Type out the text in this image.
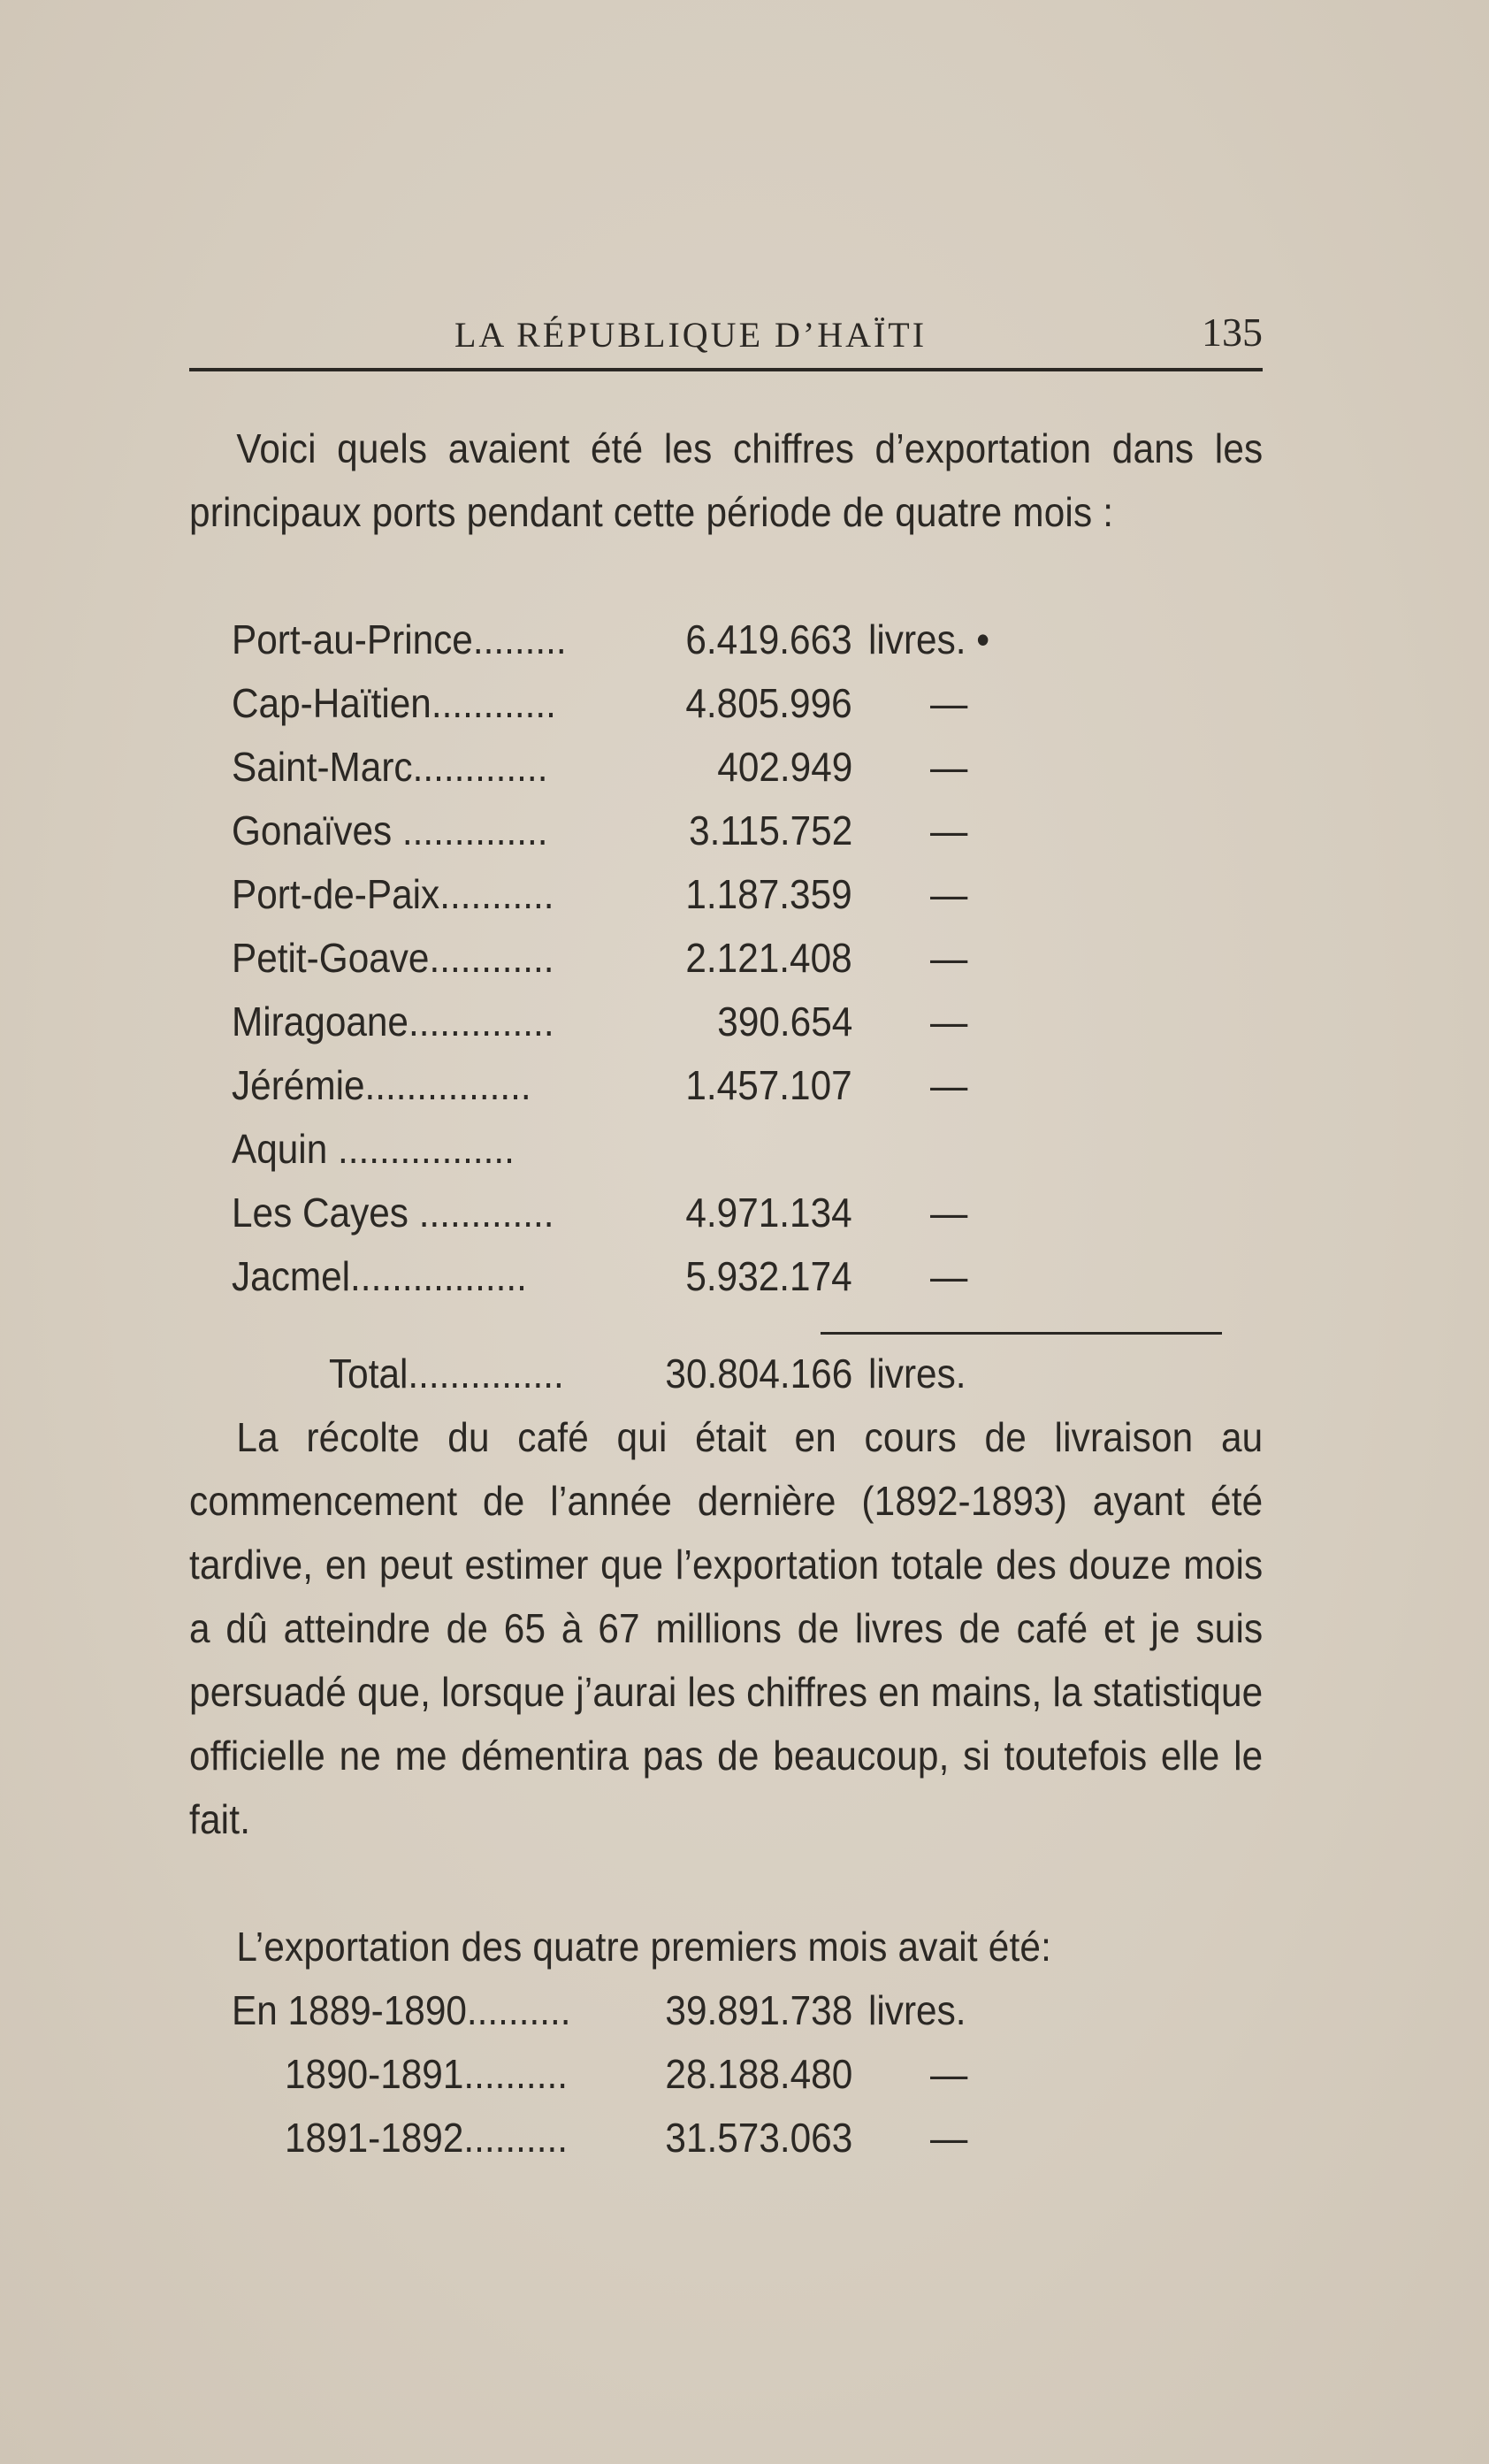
LA RÉPUBLIQUE D’HAÏTI	135
Voici quels avaient été les chiffres d’exportation dans les principaux ports pendant cette période de quatre mois :
Port-au-Prince.........	6.419.663 livres. •
Cap-Haïtien............	4.805.996 —
Saint-Marc.............	402.949 —
Gonaïves ..............	3.115.752 —
Port-de-Paix...........	1.187.359 —
Petit-Goave............	2.121.408 —
Miragoane..............	390.654 —
Jérémie................	1.457.107 —
Aquin .................
Les Cayes .............	4.971.134 —
Jacmel.................	5.932.174 —
Total............... 30.804.166 livres.
La récolte du café qui était en cours de livraison au commencement de l’année dernière (1892-1893) ayant été tardive, en peut estimer que l’exportation totale des douze mois a dû atteindre de 65 à 67 millions de livres de café et je suis persuadé que, lorsque j’aurai les chiffres en mains, la statistique officielle ne me démentira pas de beaucoup, si toutefois elle le fait.
L’exportation des quatre premiers mois avait été:
En 1889-1890.......... 39.891.738 livres.
1890-1891.......... 28.188.480 —
1891-1892.......... 31.573.063 —
